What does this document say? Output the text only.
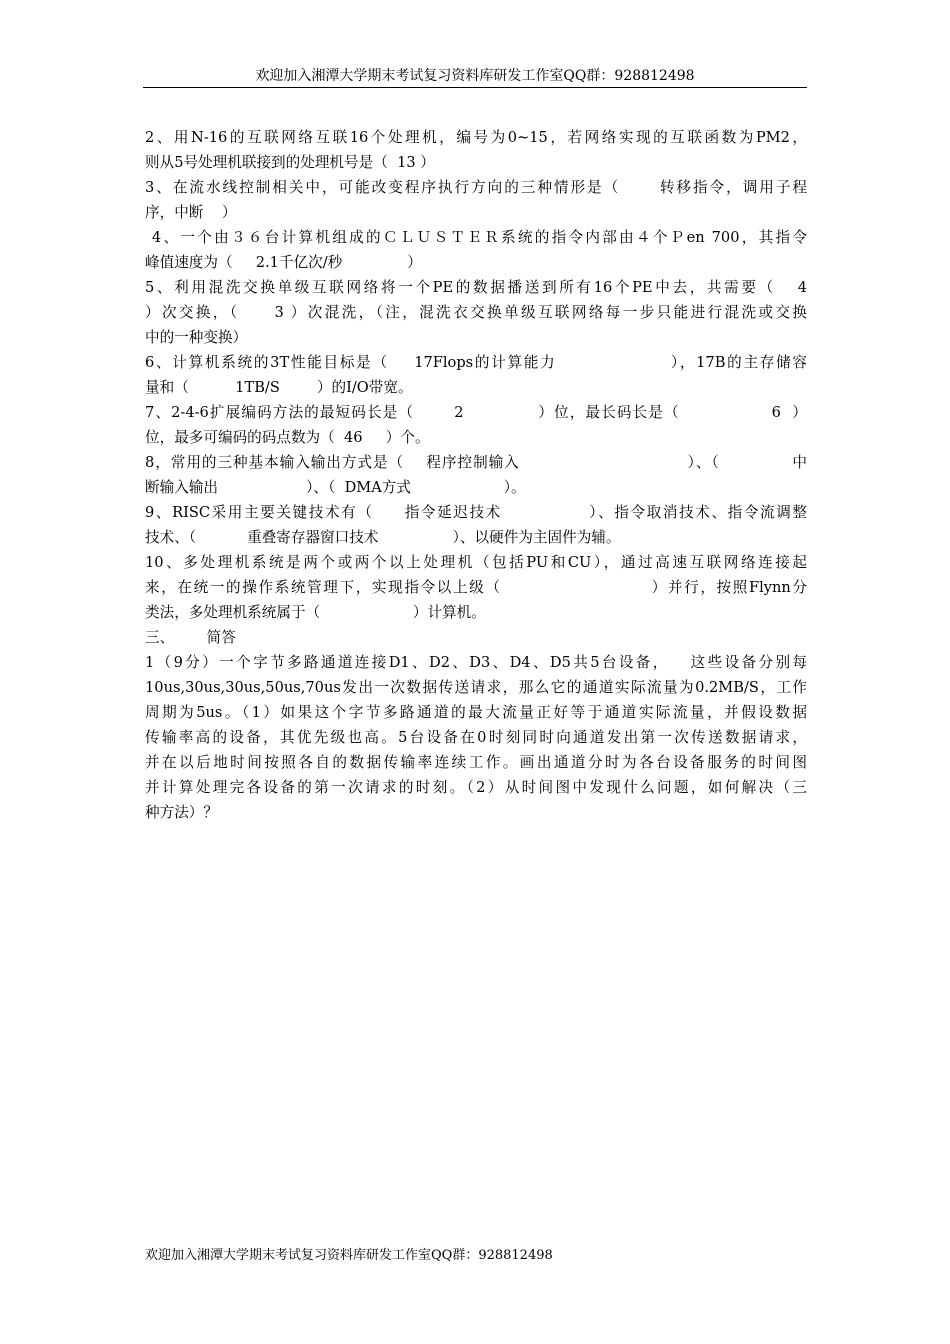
欢迎加入湘潭大学期末考试复习资料库研发工作室QQ群：928812498
2、用N-16的互联网络互联16个处理机，编号为0~15，若网络实现的互联函数为PM2，
则从5号处理机联接到的处理机号是（  13 ）
3、在流水线控制相关中，可能改变程序执行方向的三种情形是（      转移指令，调用子程
序，中断    ）
4、一个由３６台计算机组成的ＣＬＵＳＴＥＲ系统的指令内部由４个Ｐen 700，其指令
峰值速度为（     2.1千亿次/秒              ）
5、利用混洗交换单级互联网络将一个PE的数据播送到所有16个PE中去，共需要（   4
）次交换，（     3 ）次混洗，（注，混洗衣交换单级互联网络每一步只能进行混洗或交换
中的一种变换）
6、计算机系统的3T性能目标是（    17Flops的计算能力                  ），17B的主存储容
量和（          1TB/S        ）的I/O带宽。
7、2-4-6扩展编码方法的最短码长是（       2             ）位，最长码长是（                6  ）
位，最多可编码的码点数为（  46     ）个。
8，常用的三种基本输入输出方式是（    程序控制输入                              ）、（             中
断输入输出                   ）、（  DMA方式                    ）。
9、RISC采用主要关键技术有（     指令延迟技术              ）、指令取消技术、指令流调整
技术、（           重叠寄存器窗口技术                ）、以硬件为主固件为辅。
10、多处理机系统是两个或两个以上处理机（包括PU和CU），通过高速互联网络连接起
来，在统一的操作系统管理下，实现指令以上级（                        ）并行，按照Flynn分
类法，多处理机系统属于（                    ）计算机。
三、       简答
1（9分）一个字节多路通道连接D1、D2、D3、D4、D5共5台设备，   这些设备分别每
10us,30us,30us,50us,70us发出一次数据传送请求，那么它的通道实际流量为0.2MB/S，工作
周期为5us。（1）如果这个字节多路通道的最大流量正好等于通道实际流量，并假设数据
传输率高的设备，其优先级也高。5台设备在0时刻同时向通道发出第一次传送数据请求，
并在以后地时间按照各自的数据传输率连续工作。画出通道分时为各台设备服务的时间图
并计算处理完各设备的第一次请求的时刻。（2）从时间图中发现什么问题，如何解决（三
种方法）？
欢迎加入湘潭大学期末考试复习资料库研发工作室QQ群：928812498
